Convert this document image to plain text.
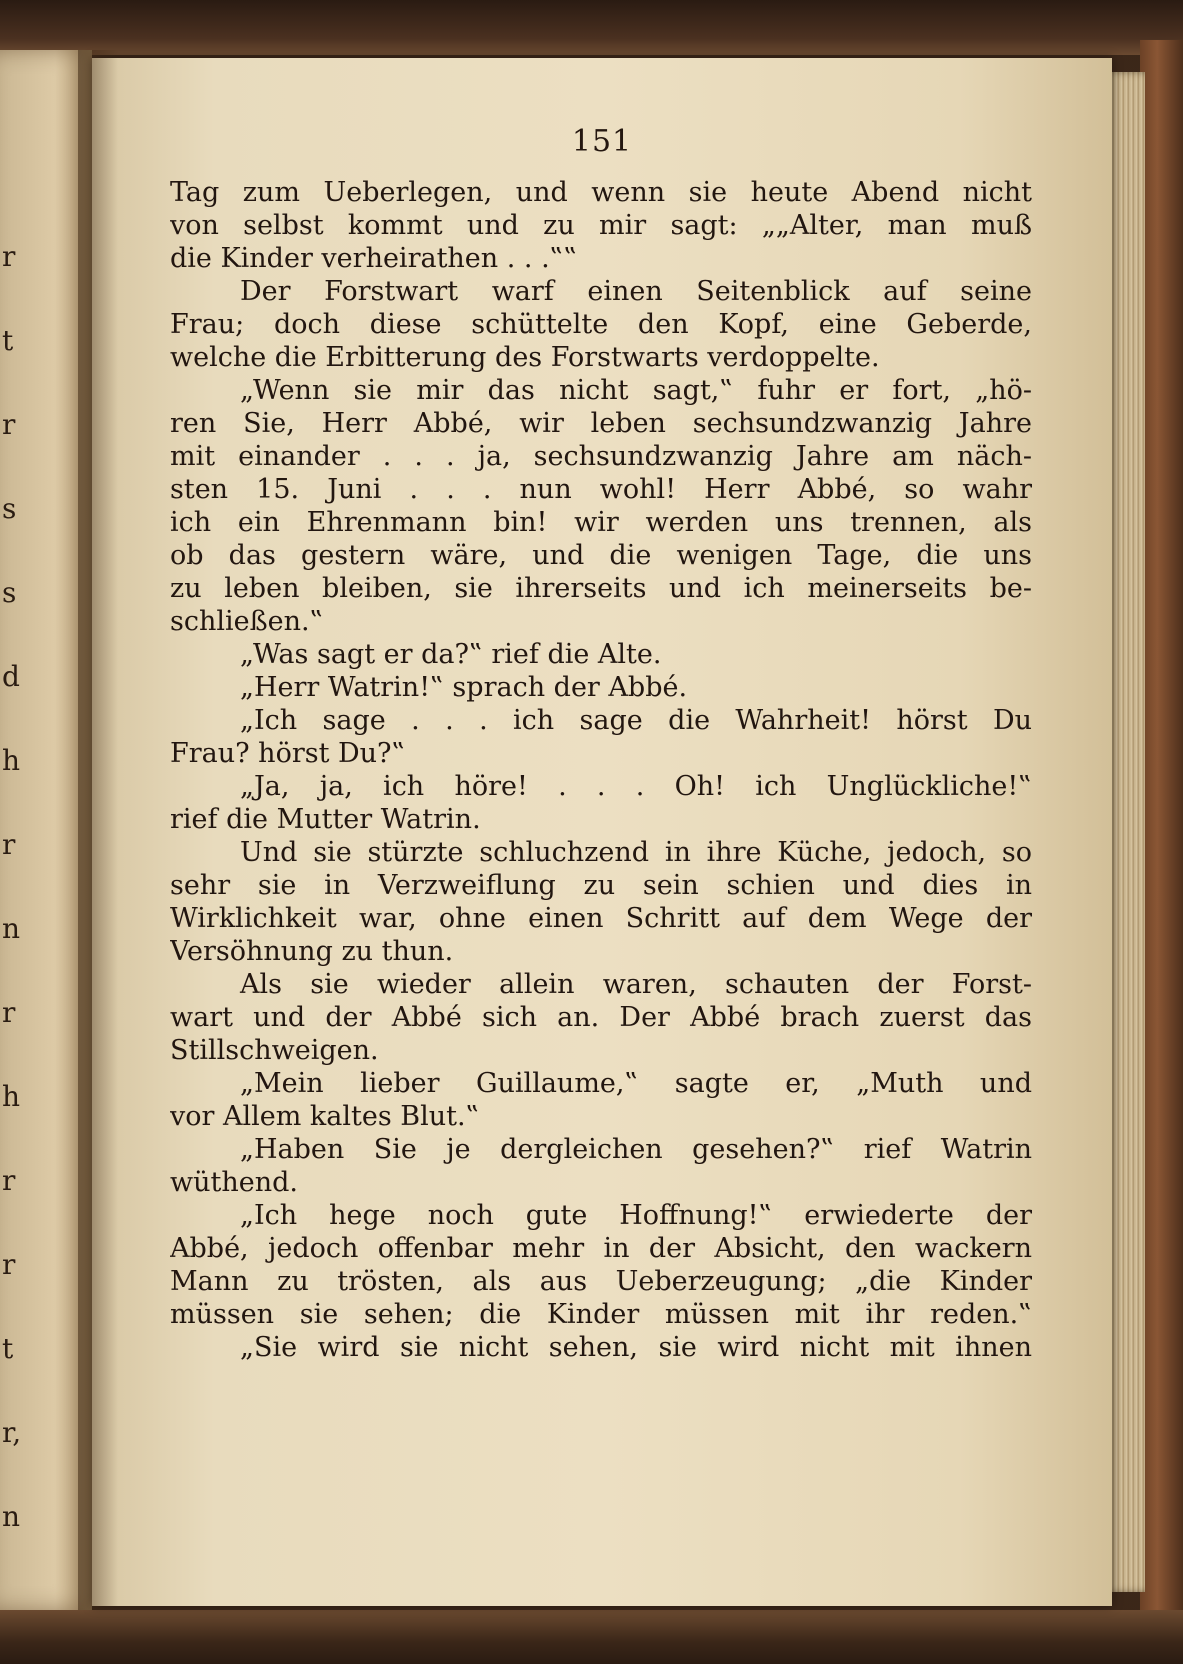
r
t
r
s
s
d
h
r
n
r
h
r
r
t
r,
n
151
Tag zum Ueberlegen, und wenn sie heute Abend nicht
von selbst kommt und zu mir sagt: „„Alter, man muß
die Kinder verheirathen . . .‟‟
Der Forstwart warf einen Seitenblick auf seine
Frau; doch diese schüttelte den Kopf, eine Geberde,
welche die Erbitterung des Forstwarts verdoppelte.
„Wenn sie mir das nicht sagt,‟ fuhr er fort, „hö-
ren Sie, Herr Abbé, wir leben sechsundzwanzig Jahre
mit einander . . . ja, sechsundzwanzig Jahre am näch-
sten 15. Juni . . . nun wohl! Herr Abbé, so wahr
ich ein Ehrenmann bin! wir werden uns trennen, als
ob das gestern wäre, und die wenigen Tage, die uns
zu leben bleiben, sie ihrerseits und ich meinerseits be-
schließen.‟
„Was sagt er da?‟ rief die Alte.
„Herr Watrin!‟ sprach der Abbé.
„Ich sage . . . ich sage die Wahrheit! hörst Du
Frau? hörst Du?‟
„Ja, ja, ich höre! . . . Oh! ich Unglückliche!‟
rief die Mutter Watrin.
Und sie stürzte schluchzend in ihre Küche, jedoch, so
sehr sie in Verzweiflung zu sein schien und dies in
Wirklichkeit war, ohne einen Schritt auf dem Wege der
Versöhnung zu thun.
Als sie wieder allein waren, schauten der Forst-
wart und der Abbé sich an. Der Abbé brach zuerst das
Stillschweigen.
„Mein lieber Guillaume,‟ sagte er, „Muth und
vor Allem kaltes Blut.‟
„Haben Sie je dergleichen gesehen?‟ rief Watrin
wüthend.
„Ich hege noch gute Hoffnung!‟ erwiederte der
Abbé, jedoch offenbar mehr in der Absicht, den wackern
Mann zu trösten, als aus Ueberzeugung; „die Kinder
müssen sie sehen; die Kinder müssen mit ihr reden.‟
„Sie wird sie nicht sehen, sie wird nicht mit ihnen
